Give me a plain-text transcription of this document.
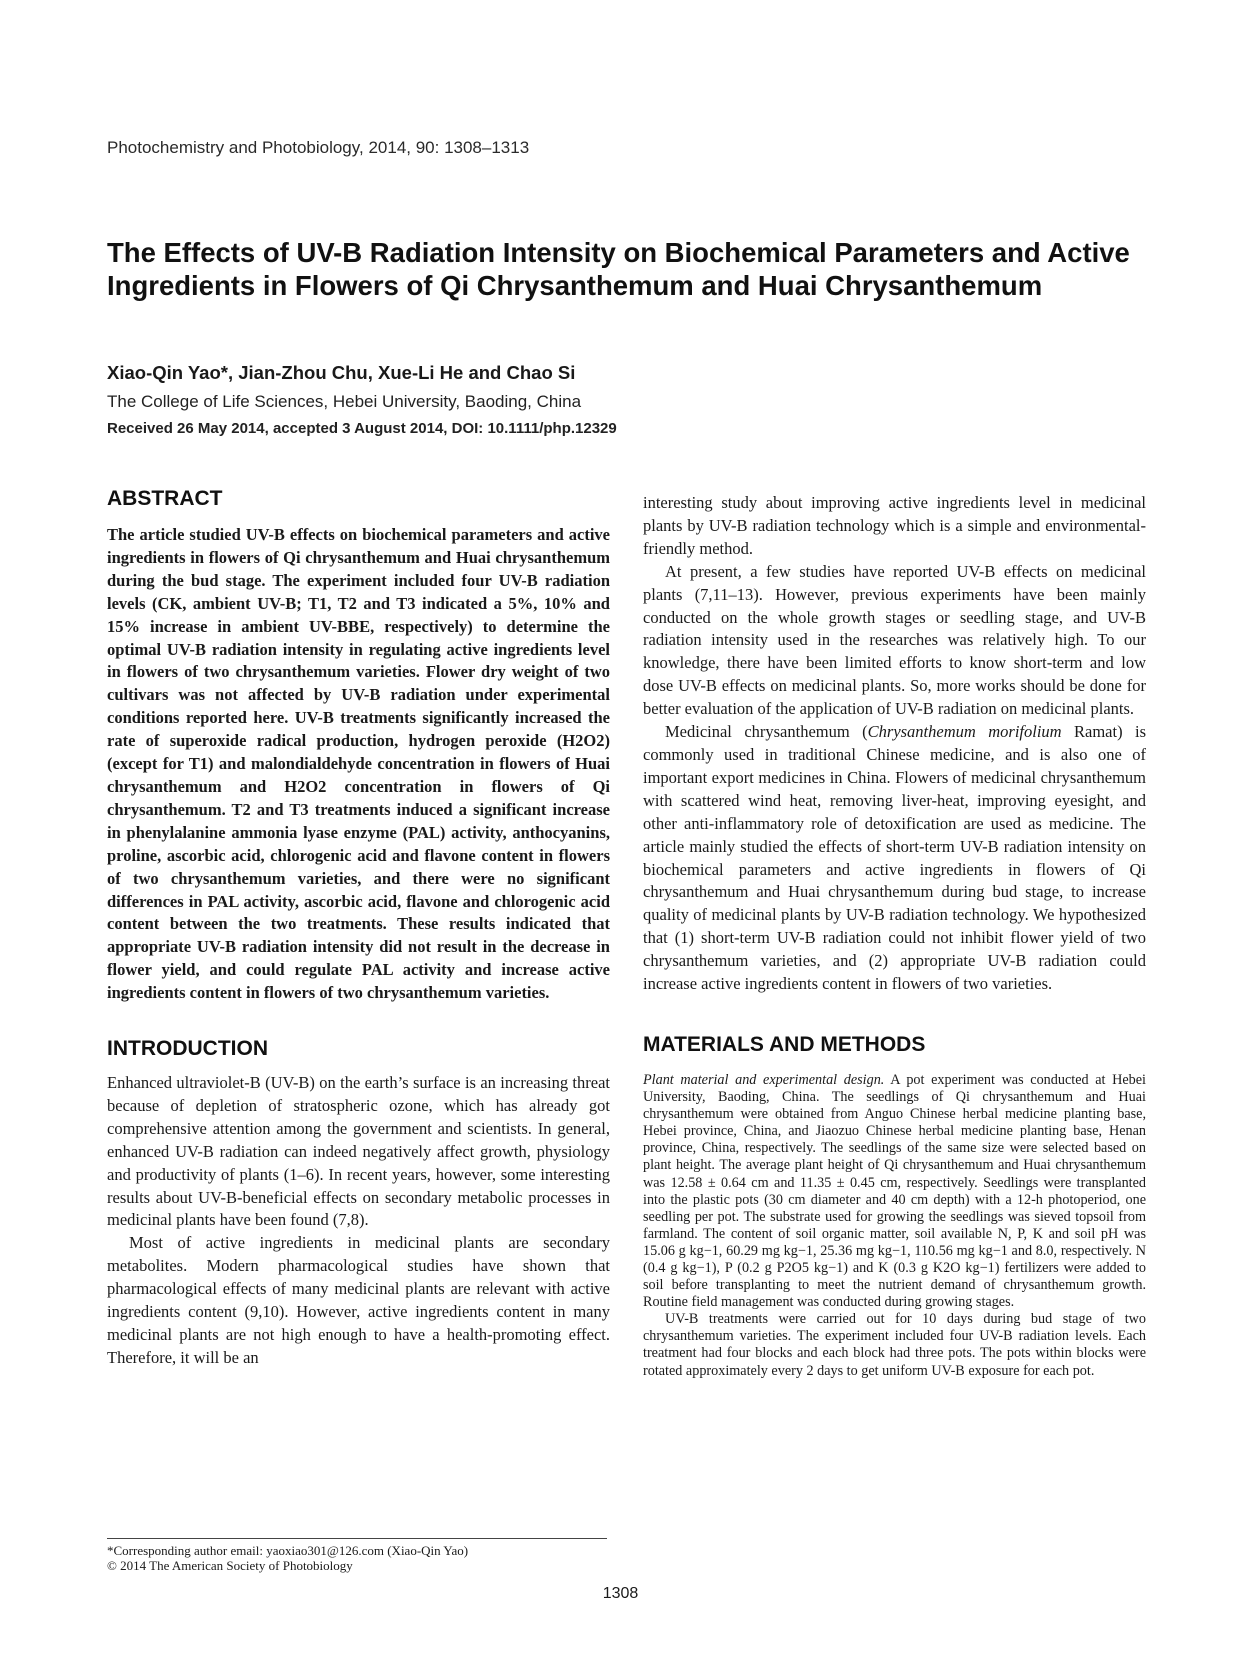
Photochemistry and Photobiology, 2014, 90: 1308–1313
The Effects of UV-B Radiation Intensity on Biochemical Parameters and Active Ingredients in Flowers of Qi Chrysanthemum and Huai Chrysanthemum
Xiao-Qin Yao*, Jian-Zhou Chu, Xue-Li He and Chao Si
The College of Life Sciences, Hebei University, Baoding, China
Received 26 May 2014, accepted 3 August 2014, DOI: 10.1111/php.12329
ABSTRACT

The article studied UV-B effects on biochemical parameters and active ingredients in flowers of Qi chrysanthemum and Huai chrysanthemum during the bud stage. The experiment included four UV-B radiation levels (CK, ambient UV-B; T1, T2 and T3 indicated a 5%, 10% and 15% increase in ambient UV-BBE, respectively) to determine the optimal UV-B radiation intensity in regulating active ingredients level in flowers of two chrysanthemum varieties. Flower dry weight of two cultivars was not affected by UV-B radiation under experimental conditions reported here. UV-B treatments significantly increased the rate of superoxide radical production, hydrogen peroxide (H2O2) (except for T1) and malondialdehyde concentration in flowers of Huai chrysanthemum and H2O2 concentration in flowers of Qi chrysanthemum. T2 and T3 treatments induced a significant increase in phenylalanine ammonia lyase enzyme (PAL) activity, anthocyanins, proline, ascorbic acid, chlorogenic acid and flavone content in flowers of two chrysanthemum varieties, and there were no significant differences in PAL activity, ascorbic acid, flavone and chlorogenic acid content between the two treatments. These results indicated that appropriate UV-B radiation intensity did not result in the decrease in flower yield, and could regulate PAL activity and increase active ingredients content in flowers of two chrysanthemum varieties.

INTRODUCTION

Enhanced ultraviolet-B (UV-B) on the earth’s surface is an increasing threat because of depletion of stratospheric ozone, which has already got comprehensive attention among the government and scientists. In general, enhanced UV-B radiation can indeed negatively affect growth, physiology and productivity of plants (1–6). In recent years, however, some interesting results about UV-B-beneficial effects on secondary metabolic processes in medicinal plants have been found (7,8).

Most of active ingredients in medicinal plants are secondary metabolites. Modern pharmacological studies have shown that pharmacological effects of many medicinal plants are relevant with active ingredients content (9,10). However, active ingredients content in many medicinal plants are not high enough to have a health-promoting effect. Therefore, it will be an

interesting study about improving active ingredients level in medicinal plants by UV-B radiation technology which is a simple and environmental-friendly method.

At present, a few studies have reported UV-B effects on medicinal plants (7,11–13). However, previous experiments have been mainly conducted on the whole growth stages or seedling stage, and UV-B radiation intensity used in the researches was relatively high. To our knowledge, there have been limited efforts to know short-term and low dose UV-B effects on medicinal plants. So, more works should be done for better evaluation of the application of UV-B radiation on medicinal plants.

Medicinal chrysanthemum (Chrysanthemum morifolium Ramat) is commonly used in traditional Chinese medicine, and is also one of important export medicines in China. Flowers of medicinal chrysanthemum with scattered wind heat, removing liver-heat, improving eyesight, and other anti-inflammatory role of detoxification are used as medicine. The article mainly studied the effects of short-term UV-B radiation intensity on biochemical parameters and active ingredients in flowers of Qi chrysanthemum and Huai chrysanthemum during bud stage, to increase quality of medicinal plants by UV-B radiation technology. We hypothesized that (1) short-term UV-B radiation could not inhibit flower yield of two chrysanthemum varieties, and (2) appropriate UV-B radiation could increase active ingredients content in flowers of two varieties.

MATERIALS AND METHODS

Plant material and experimental design. A pot experiment was conducted at Hebei University, Baoding, China. The seedlings of Qi chrysanthemum and Huai chrysanthemum were obtained from Anguo Chinese herbal medicine planting base, Hebei province, China, and Jiaozuo Chinese herbal medicine planting base, Henan province, China, respectively. The seedlings of the same size were selected based on plant height. The average plant height of Qi chrysanthemum and Huai chrysanthemum was 12.58 ± 0.64 cm and 11.35 ± 0.45 cm, respectively. Seedlings were transplanted into the plastic pots (30 cm diameter and 40 cm depth) with a 12-h photoperiod, one seedling per pot. The substrate used for growing the seedlings was sieved topsoil from farmland. The content of soil organic matter, soil available N, P, K and soil pH was 15.06 g kg−1, 60.29 mg kg−1, 25.36 mg kg−1, 110.56 mg kg−1 and 8.0, respectively. N (0.4 g kg−1), P (0.2 g P2O5 kg−1) and K (0.3 g K2O kg−1) fertilizers were added to soil before transplanting to meet the nutrient demand of chrysanthemum growth. Routine field management was conducted during growing stages.

UV-B treatments were carried out for 10 days during bud stage of two chrysanthemum varieties. The experiment included four UV-B radiation levels. Each treatment had four blocks and each block had three pots. The pots within blocks were rotated approximately every 2 days to get uniform UV-B exposure for each pot.

*Corresponding author email: yaoxiao301@126.com (Xiao-Qin Yao)
© 2014 The American Society of Photobiology
1308
